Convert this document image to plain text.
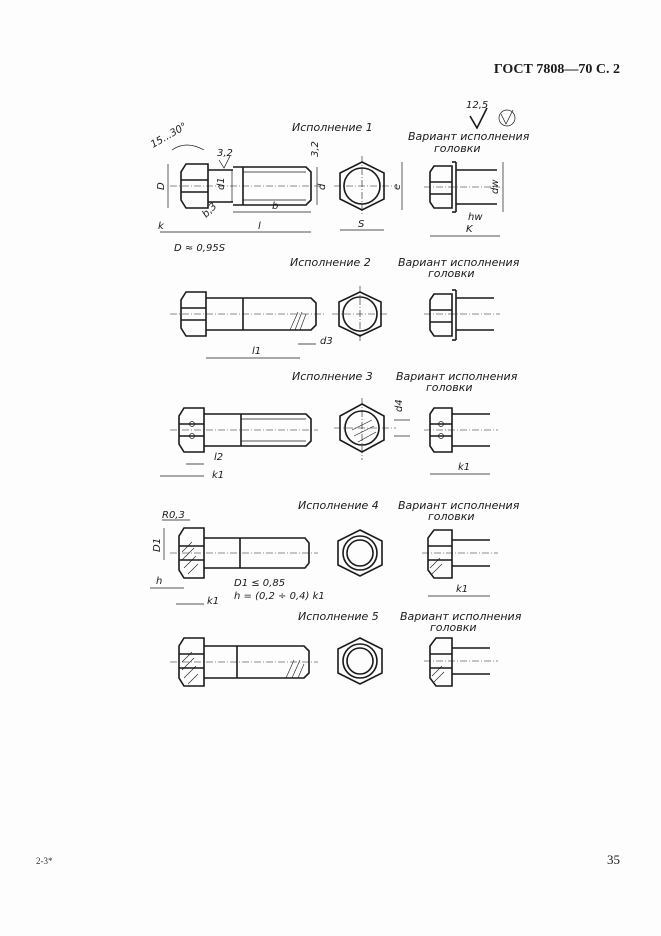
ГОСТ 7808—70 С. 2
35
2-3*
Исполнение 1
Вариант исполнения
головки
12,5
15...30°
3,2	3,2
D	d1	d
b,3	b
l
k
D ≈ 0,95S
S
e	dw
hw
K
Исполнение 2 Вариант исполнения
головки
l1
d3
Исполнение 3 Вариант исполнения
головки
l2
k1
d4
k1
Исполнение 4 Вариант исполнения
головки
R0,3
D1
h
k1
D1 ≤ 0,85
h = (0,2 ÷ 0,4) k1
k1
Исполнение 5 Вариант исполнения
головки
